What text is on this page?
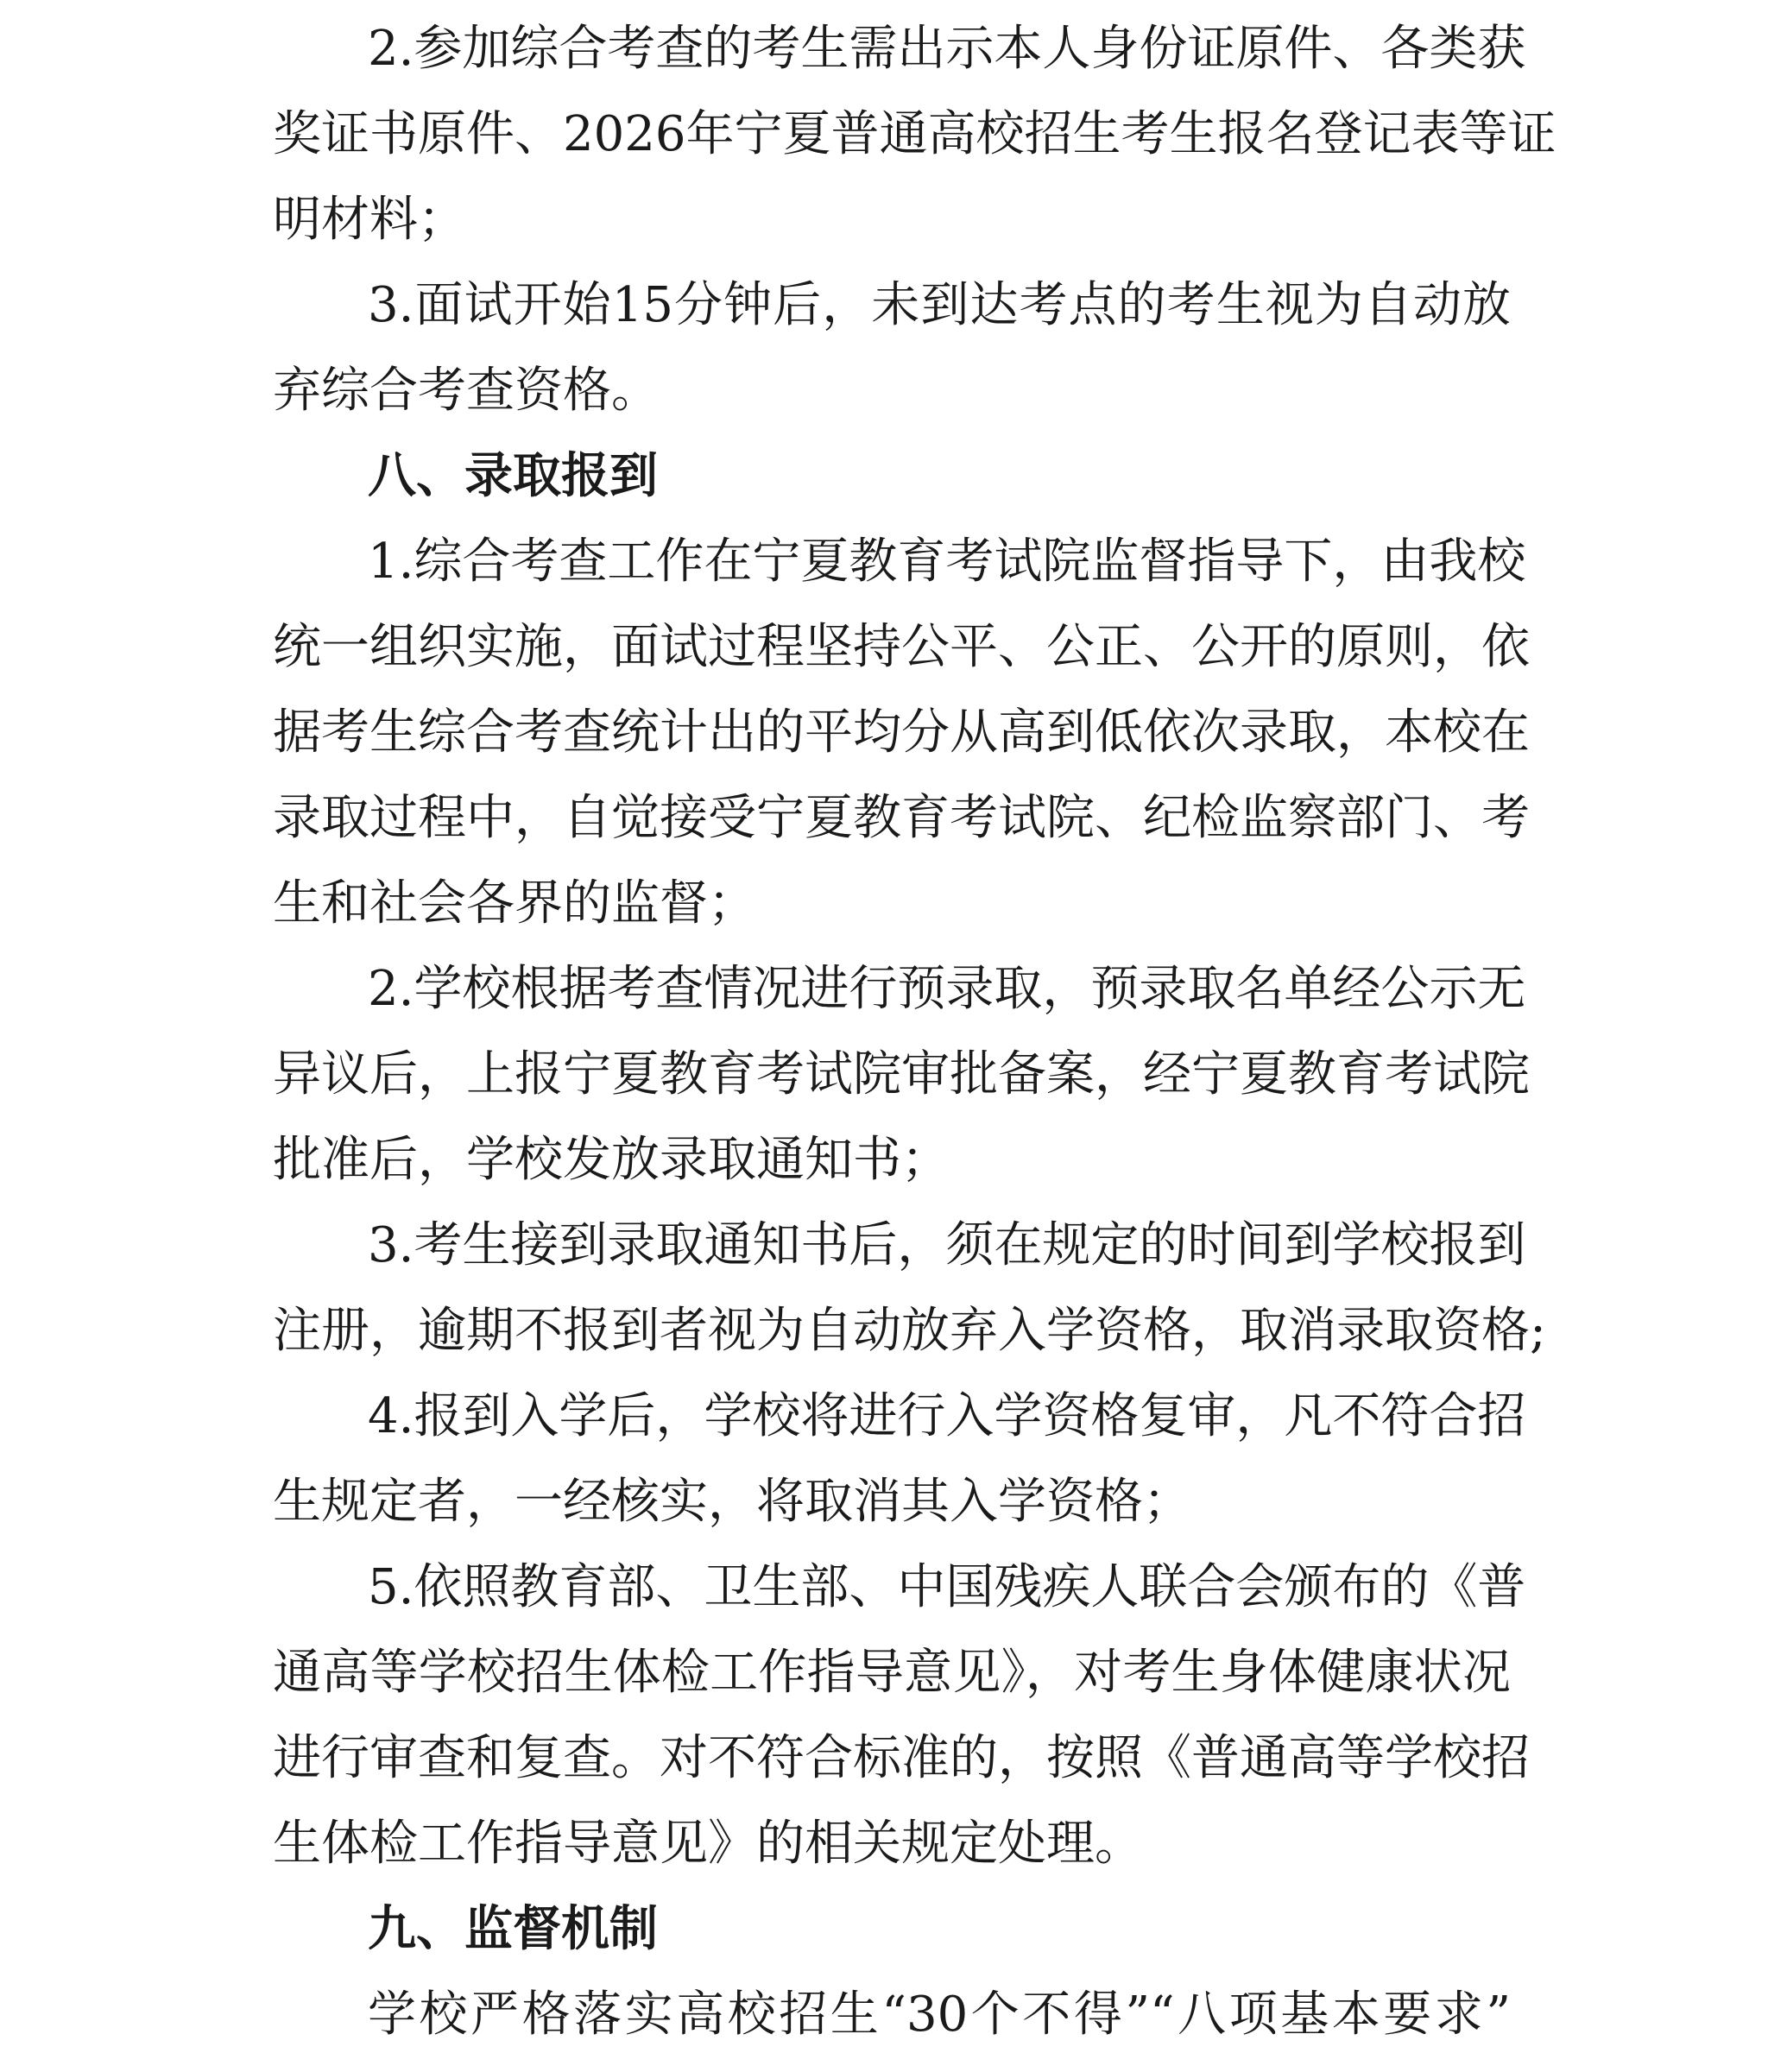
2.参加综合考查的考生需出示本人身份证原件、各类获
奖证书原件、2026年宁夏普通高校招生考生报名登记表等证
明材料；
3.面试开始15分钟后，未到达考点的考生视为自动放
弃综合考查资格。
八、录取报到
1.综合考查工作在宁夏教育考试院监督指导下，由我校
统一组织实施，面试过程坚持公平、公正、公开的原则，依
据考生综合考查统计出的平均分从高到低依次录取，本校在
录取过程中，自觉接受宁夏教育考试院、纪检监察部门、考
生和社会各界的监督；
2.学校根据考查情况进行预录取，预录取名单经公示无
异议后，上报宁夏教育考试院审批备案，经宁夏教育考试院
批准后，学校发放录取通知书；
3.考生接到录取通知书后，须在规定的时间到学校报到
注册，逾期不报到者视为自动放弃入学资格，取消录取资格;
4.报到入学后，学校将进行入学资格复审，凡不符合招
生规定者，一经核实，将取消其入学资格；
5.依照教育部、卫生部、中国残疾人联合会颁布的《普
通高等学校招生体检工作指导意见》，对考生身体健康状况
进行审查和复查。对不符合标准的，按照《普通高等学校招
生体检工作指导意见》的相关规定处理。
九、监督机制
学校严格落实高校招生“30个不得”“八项基本要求”
